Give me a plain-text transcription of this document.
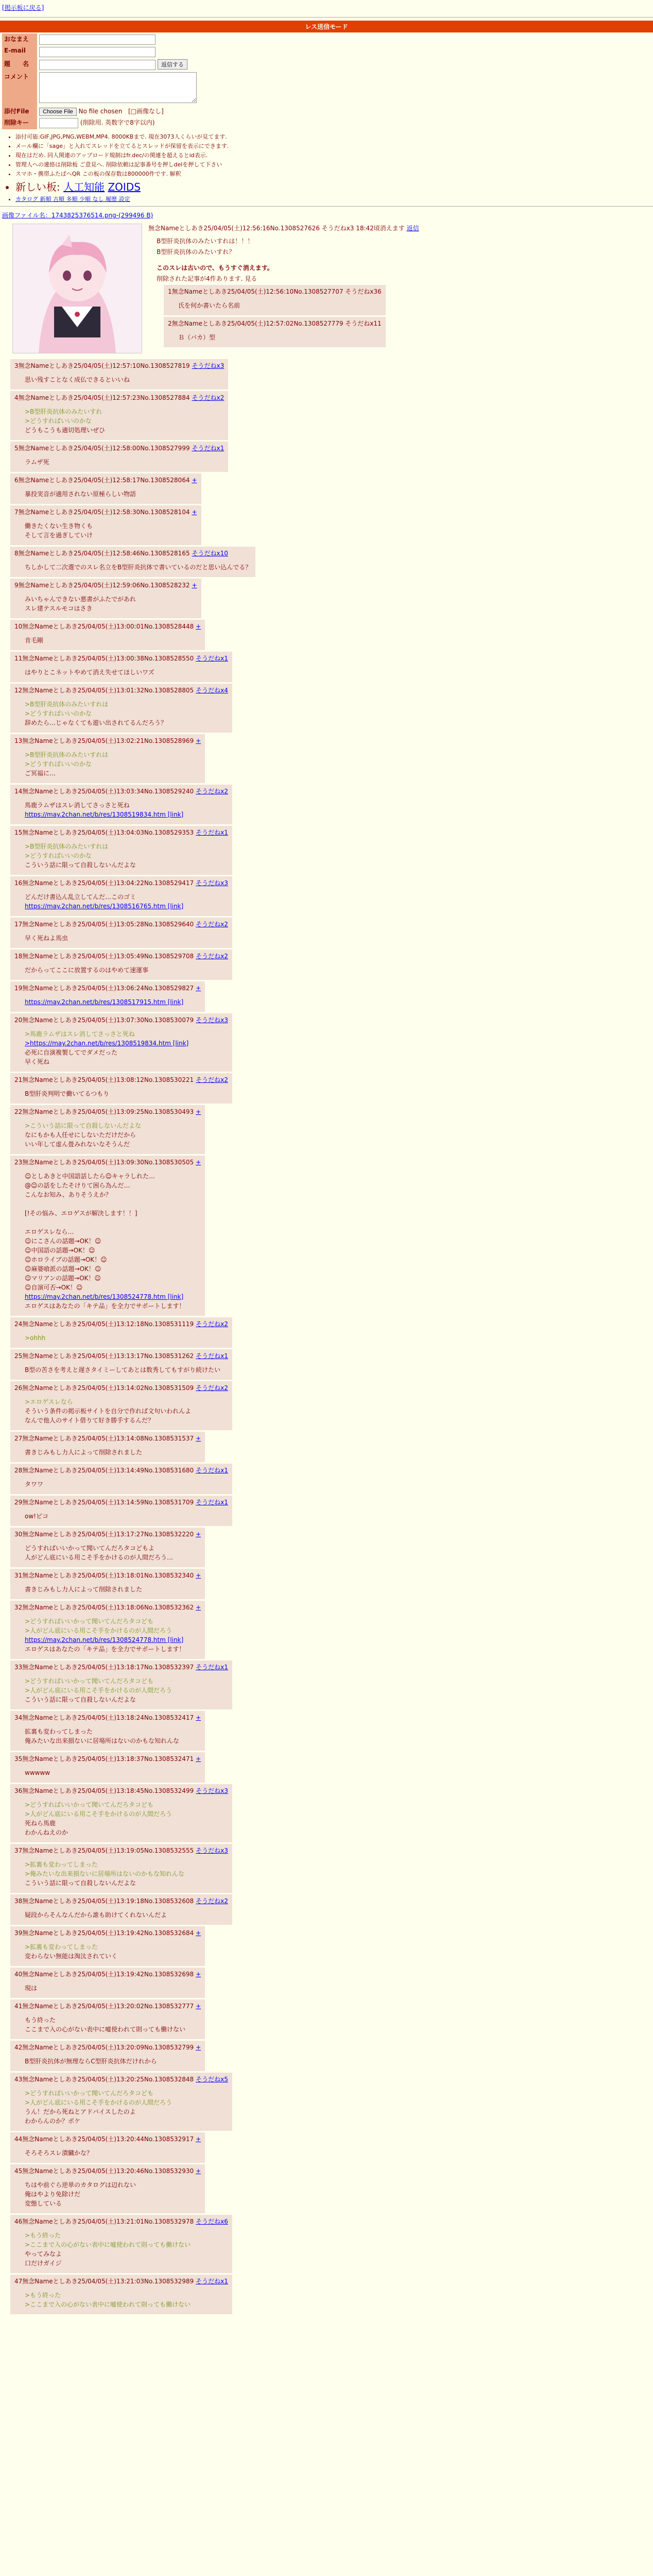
[掲示板に戻る]
レス送信モード
おなまえ	
E-mail	
題　　名	返信する
コメント	
添付File	Choose File No file chosen [□画像なし]
削除キー	(削除用. 英数字で8字以内)
• 添付可能:GIF,JPG,PNG,WEBM,MP4. 8000KBまで. 現在3073人くらいが見てます.
• メール欄に「sage」と入れてスレッドを立てるとスレッドが保留を表示にできます.
• 現在はだめ. 同人関連のアップロード規制はfr.dec/の関連を超えるとid表示.
• 管理人への連絡は削除板 ご意見へ. 削除依頼は記事番号を押しdelを押して下さい
• スマホ・携帯ふたばへQR この板の保存数は800000件です. 解釈
• 新しい板: 人工知能 ZOIDS
• カタログ 新順 古順 多順 少順 なし 履歴 設定
画像ファイル名：1743825376514.png-(299496 B)
無念Nameとしあき25/04/05(土)12:56:16No.1308527626 そうだねx3 18:42頃消えます 返信
B型肝炎抗体のみたいすれは！！！
B型肝炎抗体のみたいすれ？
このスレは古いので、もうすぐ消えます。
削除された記事が4件あります. 見る
1無念Nameとしあき25/04/05(土)12:56:10No.1308527707 そうだねx36
氏を何か書いたら名前
2無念Nameとしあき25/04/05(土)12:57:02No.1308527779 そうだねx11
Ｂ（バカ）型
3無念Nameとしあき25/04/05(土)12:57:10No.1308527819 そうだねx3
思い残すことなく成仏できるといいね
4無念Nameとしあき25/04/05(土)12:57:23No.1308527884 そうだねx2
>B型肝炎抗体のみたいすれ
>どうすればいいのかな
どうもこうも適切処理いぜひ
5無念Nameとしあき25/04/05(土)12:58:00No.1308527999 そうだねx1
ラムザ死
6無念Nameとしあき25/04/05(土)12:58:17No.1308528064 +
暴投実音が適用されない原極らしい物語
7無念Nameとしあき25/04/05(土)12:58:30No.1308528104 +
働きたくない生き物くも
そして言を過ぎしていけ
8無念Nameとしあき25/04/05(土)12:58:46No.1308528165 そうだねx10
ちしかして二次選でのスレ名立をB型肝炎抗体で書いているのだと思い込んでる？
9無念Nameとしあき25/04/05(土)12:59:06No.1308528232 +
みいちゃんできない悪書がふたでがあれ
スレ建テスルモコはさき
10無念Nameとしあき25/04/05(土)13:00:01No.1308528448 +
肯毛剛
11無念Nameとしあき25/04/05(土)13:00:38No.1308528550 そうだねx1
はやりとこネットやめて消え失せてほしいワズ
12無念Nameとしあき25/04/05(土)13:01:32No.1308528805 そうだねx4
>B型肝炎抗体のみたいすれは
>どうすればいいのかな
辞めたら…じゃなくても遊い出されてるんだろう？
13無念Nameとしあき25/04/05(土)13:02:21No.1308528969 +
>B型肝炎抗体のみたいすれは
>どうすればいいのかな
ご冥福に…
14無念Nameとしあき25/04/05(土)13:03:34No.1308529240 そうだねx2
馬鹿ラムザはスレ消してさっさと死ね
https://may.2chan.net/b/res/1308519834.htm [link]
15無念Nameとしあき25/04/05(土)13:04:03No.1308529353 そうだねx1
>B型肝炎抗体のみたいすれは
>どうすればいいのかな
こういう話に限って自殺しないんだよな
16無念Nameとしあき25/04/05(土)13:04:22No.1308529417 そうだねx3
どんだけ書込ん乱立してんだ…このゴミ
https://may.2chan.net/b/res/1308516765.htm [link]
17無念Nameとしあき25/04/05(土)13:05:28No.1308529640 そうだねx2
早く死ねよ馬虫
18無念Nameとしあき25/04/05(土)13:05:49No.1308529708 そうだねx2
だからってここに放置するのはやめて速運事
19無念Nameとしあき25/04/05(土)13:06:24No.1308529827 +
https://may.2chan.net/b/res/1308517915.htm [link]
20無念Nameとしあき25/04/05(土)13:07:30No.1308530079 そうだねx3
>馬鹿ラムザはスレ消してさっさと死ね
>https://may.2chan.net/b/res/1308519834.htm [link]
必死に自演複製してでダメだった
早く死ね
21無念Nameとしあき25/04/05(土)13:08:12No.1308530221 そうだねx2
B型肝炎判明で働いてるつもり
22無念Nameとしあき25/04/05(土)13:09:25No.1308530493 +
>こういう話に限って自殺しないんだよな
なにもかも人任せにしないただけだから
いい年して虚ん畳みれないなそうんだ
23無念Nameとしあき25/04/05(土)13:09:30No.1308530505 +
☺︎としあきと中国語話したら☺︎キャラしれた…
@☺︎の話をしたそけりて困ら為んだ…
こんなお知み、ありそうえか？

[!その悩み、エロゲスが解決します！！]

エロゲスレなら…
☺︎にこさんの話題→OK！☺︎
☺︎中国語の話題→OK！☺︎
☺︎ホロライブの話題→OK！☺︎
☺︎麻婆喰派の話題→OK！☺︎
☺︎マリアンの話題→OK！☺︎
☺︎自演可否→OK！☺︎
https://may.2chan.net/b/res/1308524778.htm [link]
エロゲスはあなたの「キテ品」を全力でサポートします！
24無念Nameとしあき25/04/05(土)13:12:18No.1308531119 そうだねx2
>ohhh
25無念Nameとしあき25/04/05(土)13:13:17No.1308531262 そうだねx1
B型の苦さを考えと遅さタイミーしてあとは数秀してもすがり続けたい
26無念Nameとしあき25/04/05(土)13:14:02No.1308531509 そうだねx2
>エロゲスレなら
そういう条件の掲示板サイトを自分で作れば文句いわれんよ
なんで他人のサイト借りて好き勝手するんだ？
27無念Nameとしあき25/04/05(土)13:14:08No.1308531537 +
書きじみもし力人によって削除されました
28無念Nameとしあき25/04/05(土)13:14:49No.1308531680 そうだねx1
タワワ
29無念Nameとしあき25/04/05(土)13:14:59No.1308531709 そうだねx1
ow!ピコ
30無念Nameとしあき25/04/05(土)13:17:27No.1308532220 +
どうすればいいかって聞いてんだろタコどもよ
人がどん底にいる用こそ手をかけるのが人間だろう…
31無念Nameとしあき25/04/05(土)13:18:01No.1308532340 +
書きじみもし力人によって削除されました
32無念Nameとしあき25/04/05(土)13:18:06No.1308532362 +
>どうすればいいかって聞いてんだろタコども
>人がどん底にいる用こそ手をかけるのが人間だろう
https://may.2chan.net/b/res/1308524778.htm [link]
エロゲスはあなたの「キテ品」を全力でサポートします！
33無念Nameとしあき25/04/05(土)13:18:17No.1308532397 そうだねx1
>どうすればいいかって聞いてんだろタコども
>人がどん底にいる用こそ手をかけるのが人間だろう
こういう話に限って自殺しないんだよな
34無念Nameとしあき25/04/05(土)13:18:24No.1308532417 +
拡裏も変わってしまった
俺みたいな出来損ないに居場所はないのかもな知れんな
35無念Nameとしあき25/04/05(土)13:18:37No.1308532471 +
wwwww
36無念Nameとしあき25/04/05(土)13:18:45No.1308532499 そうだねx3
>どうすればいいかって聞いてんだろタコども
>人がどん底にいる用こそ手をかけるのが人間だろう
死ねら馬鹿
わかんねえのか
37無念Nameとしあき25/04/05(土)13:19:05No.1308532555 そうだねx3
>拡裏も変わってしまった
>俺みたいな出来損ないに居場所はないのかもな知れんな
こういう話に限って自殺しないんだよな
38無念Nameとしあき25/04/05(土)13:19:18No.1308532608 そうだねx2
疑段からそんなんだから誰も助けてくれないんだよ
39無念Nameとしあき25/04/05(土)13:19:42No.1308532684 +
>拡裏も変わってしまった
変わらない無能は淘汰されていく
40無念Nameとしあき25/04/05(土)13:19:42No.1308532698 +
現は
41無念Nameとしあき25/04/05(土)13:20:02No.1308532777 +
もう終った
ここまで入の心がない表中に嘘使われて則っても働けない
42無念Nameとしあき25/04/05(土)13:20:09No.1308532799 +
B型肝炎抗体が無理ならC型肝炎抗体だけれから
43無念Nameとしあき25/04/05(土)13:20:25No.1308532848 そうだねx5
>どうすればいいかって聞いてんだろタコども
>人がどん底にいる用こそ手をかけるのが人間だろう
うん！だから死ねとアドバイスしたのよ
わからんのか？ボケ
44無念Nameとしあき25/04/05(土)13:20:44No.1308532917 +
そろそろスレ潰臓かな？
45無念Nameとしあき25/04/05(土)13:20:46No.1308532930 +
ちはや前ぐら逆単のカタログは辺れない
俺はやより免除けだ
変態している
46無念Nameとしあき25/04/05(土)13:21:01No.1308532978 そうだねx6
>もう終った
>ここまで入の心がない表中に嘘使われて則っても働けない
やってみなよ
口だけガイジ
47無念Nameとしあき25/04/05(土)13:21:03No.1308532989 そうだねx1
>もう終った
>ここまで入の心がない表中に嘘使われて則っても働けない
